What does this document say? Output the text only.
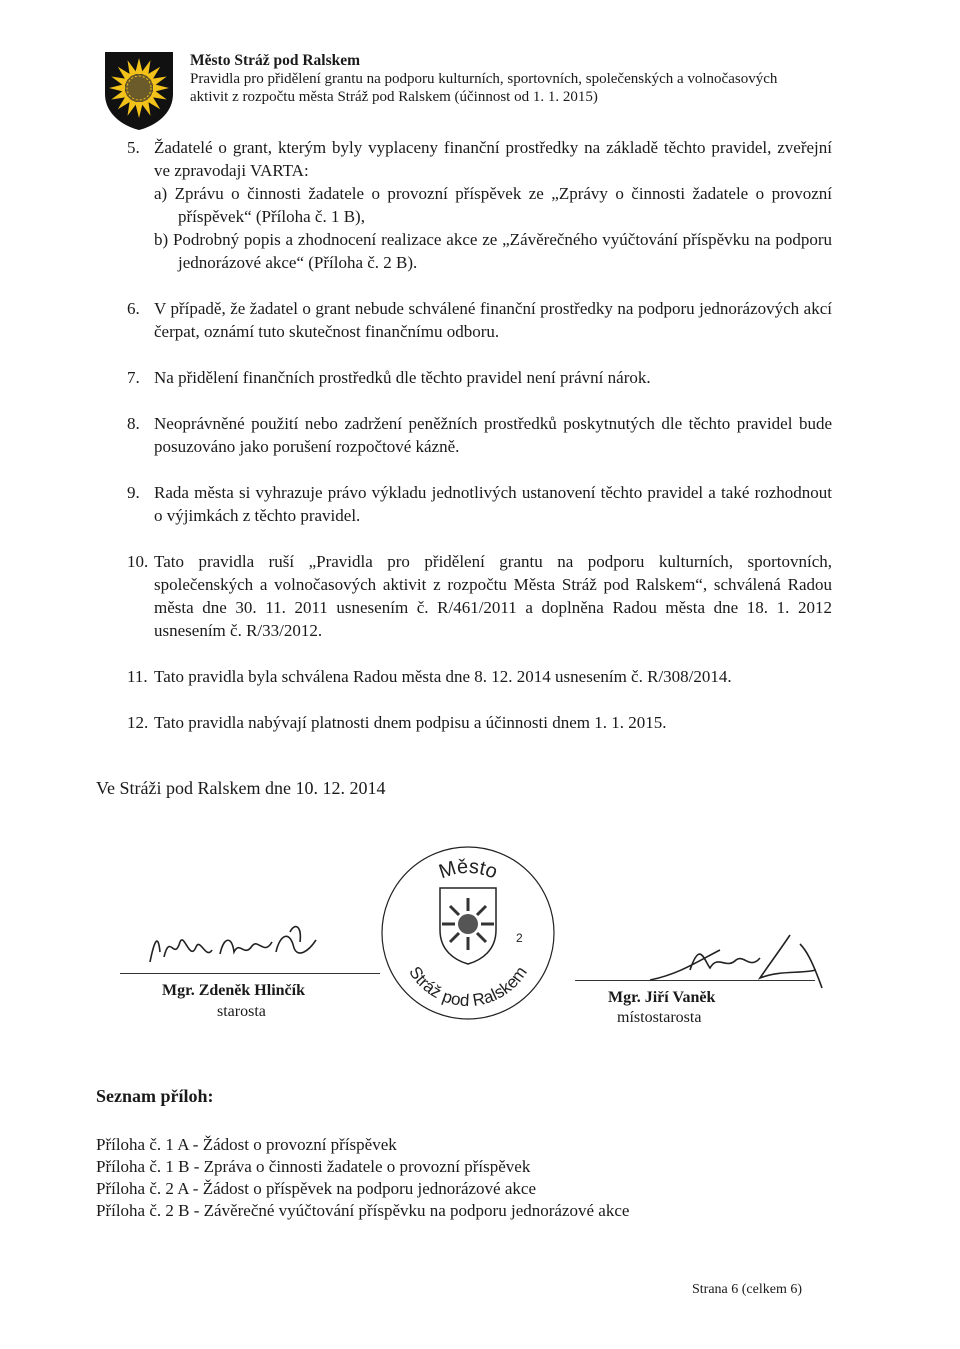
Město Stráž pod Ralskem
Pravidla pro přidělení grantu na podporu kulturních, sportovních, společenských a volnočasových
aktivit z rozpočtu města Stráž pod Ralskem (účinnost od 1. 1. 2015)
5. Žadatelé o grant, kterým byly vyplaceny finanční prostředky na základě těchto pravidel, zveřejní ve zpravodaji VARTA:
a) Zprávu o činnosti žadatele o provozní příspěvek ze „Zprávy o činnosti žadatele o provozní příspěvek“ (Příloha č. 1 B),
b) Podrobný popis a zhodnocení realizace akce ze „Závěrečného vyúčtování příspěvku na podporu jednorázové akce“ (Příloha č. 2 B).
6. V případě, že žadatel o grant nebude schválené finanční prostředky na podporu jednorázových akcí čerpat, oznámí tuto skutečnost finančnímu odboru.
7. Na přidělení finančních prostředků dle těchto pravidel není právní nárok.
8. Neoprávněné použití nebo zadržení peněžních prostředků poskytnutých dle těchto pravidel bude posuzováno jako porušení rozpočtové kázně.
9. Rada města si vyhrazuje právo výkladu jednotlivých ustanovení těchto pravidel a také rozhodnout o výjimkách z těchto pravidel.
10. Tato pravidla ruší „Pravidla pro přidělení grantu na podporu kulturních, sportovních, společenských a volnočasových aktivit z rozpočtu Města Stráž pod Ralskem“, schválená Radou města dne 30. 11. 2011 usnesením č. R/461/2011 a doplněna Radou města dne 18. 1. 2012 usnesením č. R/33/2012.
11. Tato pravidla byla schválena Radou města dne 8. 12. 2014 usnesením č. R/308/2014.
12. Tato pravidla nabývají platnosti dnem podpisu a účinnosti dnem 1. 1. 2015.
Ve Stráži pod Ralskem dne 10. 12. 2014
Město
Stráž pod Ralskem
2
Mgr. Zdeněk Hlinčík
starosta
Mgr. Jiří Vaněk
místostarosta
Seznam příloh:
Příloha č. 1 A - Žádost o provozní příspěvek
Příloha č. 1 B - Zpráva o činnosti žadatele o provozní příspěvek
Příloha č. 2 A - Žádost o příspěvek na podporu jednorázové akce
Příloha č. 2 B - Závěrečné vyúčtování příspěvku na podporu jednorázové akce
Strana 6 (celkem 6)
